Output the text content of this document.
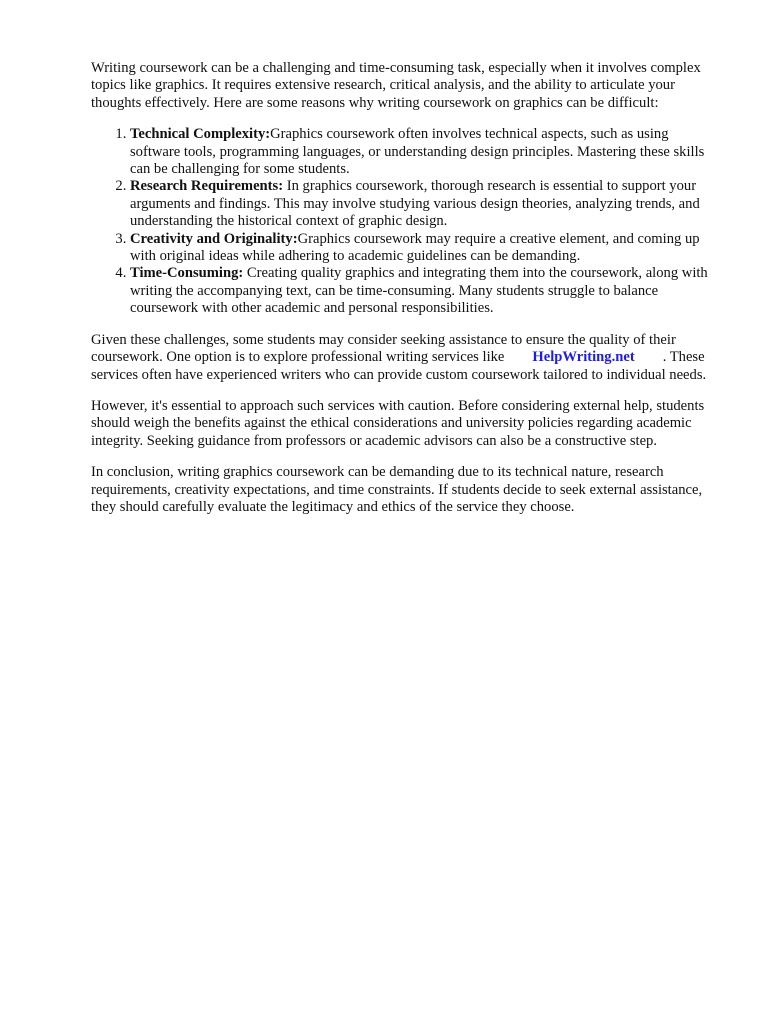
Writing coursework can be a challenging and time-consuming task, especially when it involves complex topics like graphics. It requires extensive research, critical analysis, and the ability to articulate your thoughts effectively. Here are some reasons why writing coursework on graphics can be difficult:

1. Technical Complexity:Graphics coursework often involves technical aspects, such as using software tools, programming languages, or understanding design principles. Mastering these skills can be challenging for some students.
2. Research Requirements: In graphics coursework, thorough research is essential to support your arguments and findings. This may involve studying various design theories, analyzing trends, and understanding the historical context of graphic design.
3. Creativity and Originality:Graphics coursework may require a creative element, and coming up with original ideas while adhering to academic guidelines can be demanding.
4. Time-Consuming: Creating quality graphics and integrating them into the coursework, along with writing the accompanying text, can be time-consuming. Many students struggle to balance coursework with other academic and personal responsibilities.

Given these challenges, some students may consider seeking assistance to ensure the quality of their coursework. One option is to explore professional writing services like HelpWriting.net . These services often have experienced writers who can provide custom coursework tailored to individual needs.

However, it's essential to approach such services with caution. Before considering external help, students should weigh the benefits against the ethical considerations and university policies regarding academic integrity. Seeking guidance from professors or academic advisors can also be a constructive step.

In conclusion, writing graphics coursework can be demanding due to its technical nature, research requirements, creativity expectations, and time constraints. If students decide to seek external assistance, they should carefully evaluate the legitimacy and ethics of the service they choose.
